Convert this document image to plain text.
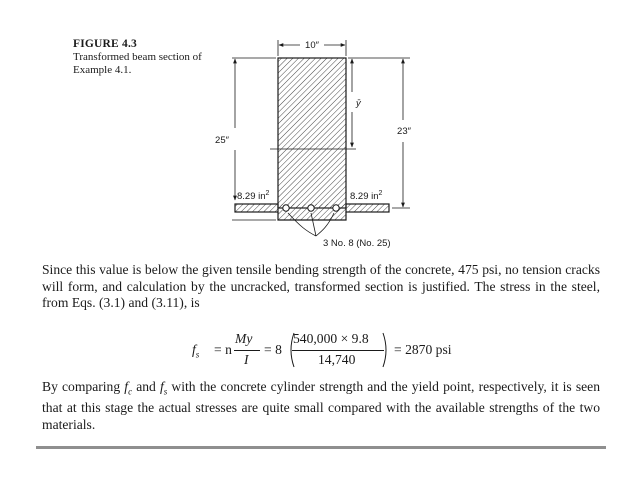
FIGURE 4.3
Transformed beam section of Example 4.1.
10″
25″
23″
ȳ
8.29 $in^2$	8.29 $in^2$
3 No. 8 (No. 25)
Since this value is below the given tensile bending strength of the concrete, 475 psi, no tension cracks will form, and calculation by the uncracked, transformed section is justified. The stress in the steel, from Eqs. (3.1) and (3.11), is
$f_s = n$
My
I
= 8
540,000 × 9.8
14,740
= 2870 psi
By comparing $f_c$ and $f_s$ with the concrete cylinder strength and the yield point, respectively, it is seen that at this stage the actual stresses are quite small compared with the available strengths of the two materials.
